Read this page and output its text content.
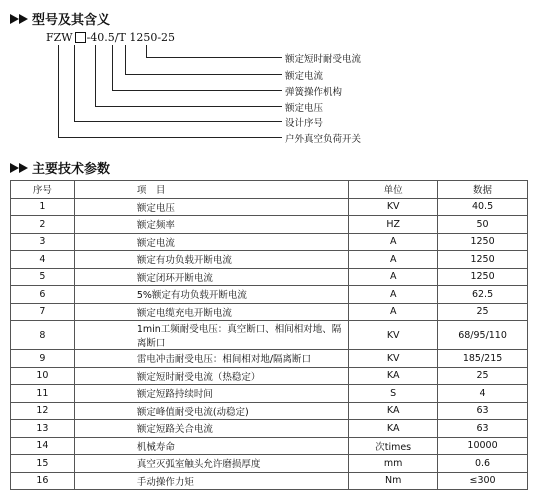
型号及其含义
FZW -40.5/T 1250-25
额定短时耐受电流
额定电流
弹簧操作机构
额定电压
设计序号
户外真空负荷开关
主要技术参数
序号	项　目	单位	数据
1	额定电压	KV	40.5
2	额定频率	HZ	50
3	额定电流	A	1250
4	额定有功负载开断电流	A	1250
5	额定闭环开断电流	A	1250
6	5%额定有功负载开断电流	A	62.5
7	额定电缆充电开断电流	A	25
8	1min工频耐受电压：真空断口、相间相对地、隔离断口	KV	68/95/110
9	雷电冲击耐受电压：相间相对地/隔离断口	KV	185/215
10	额定短时耐受电流（热稳定）	KA	25
11	额定短路持续时间	S	4
12	额定峰值耐受电流(动稳定)	KA	63
13	额定短路关合电流	KA	63
14	机械寿命	次times	10000
15	真空灭弧室触头允许磨损厚度	mm	0.6
16	手动操作力矩	Nm	≤300
